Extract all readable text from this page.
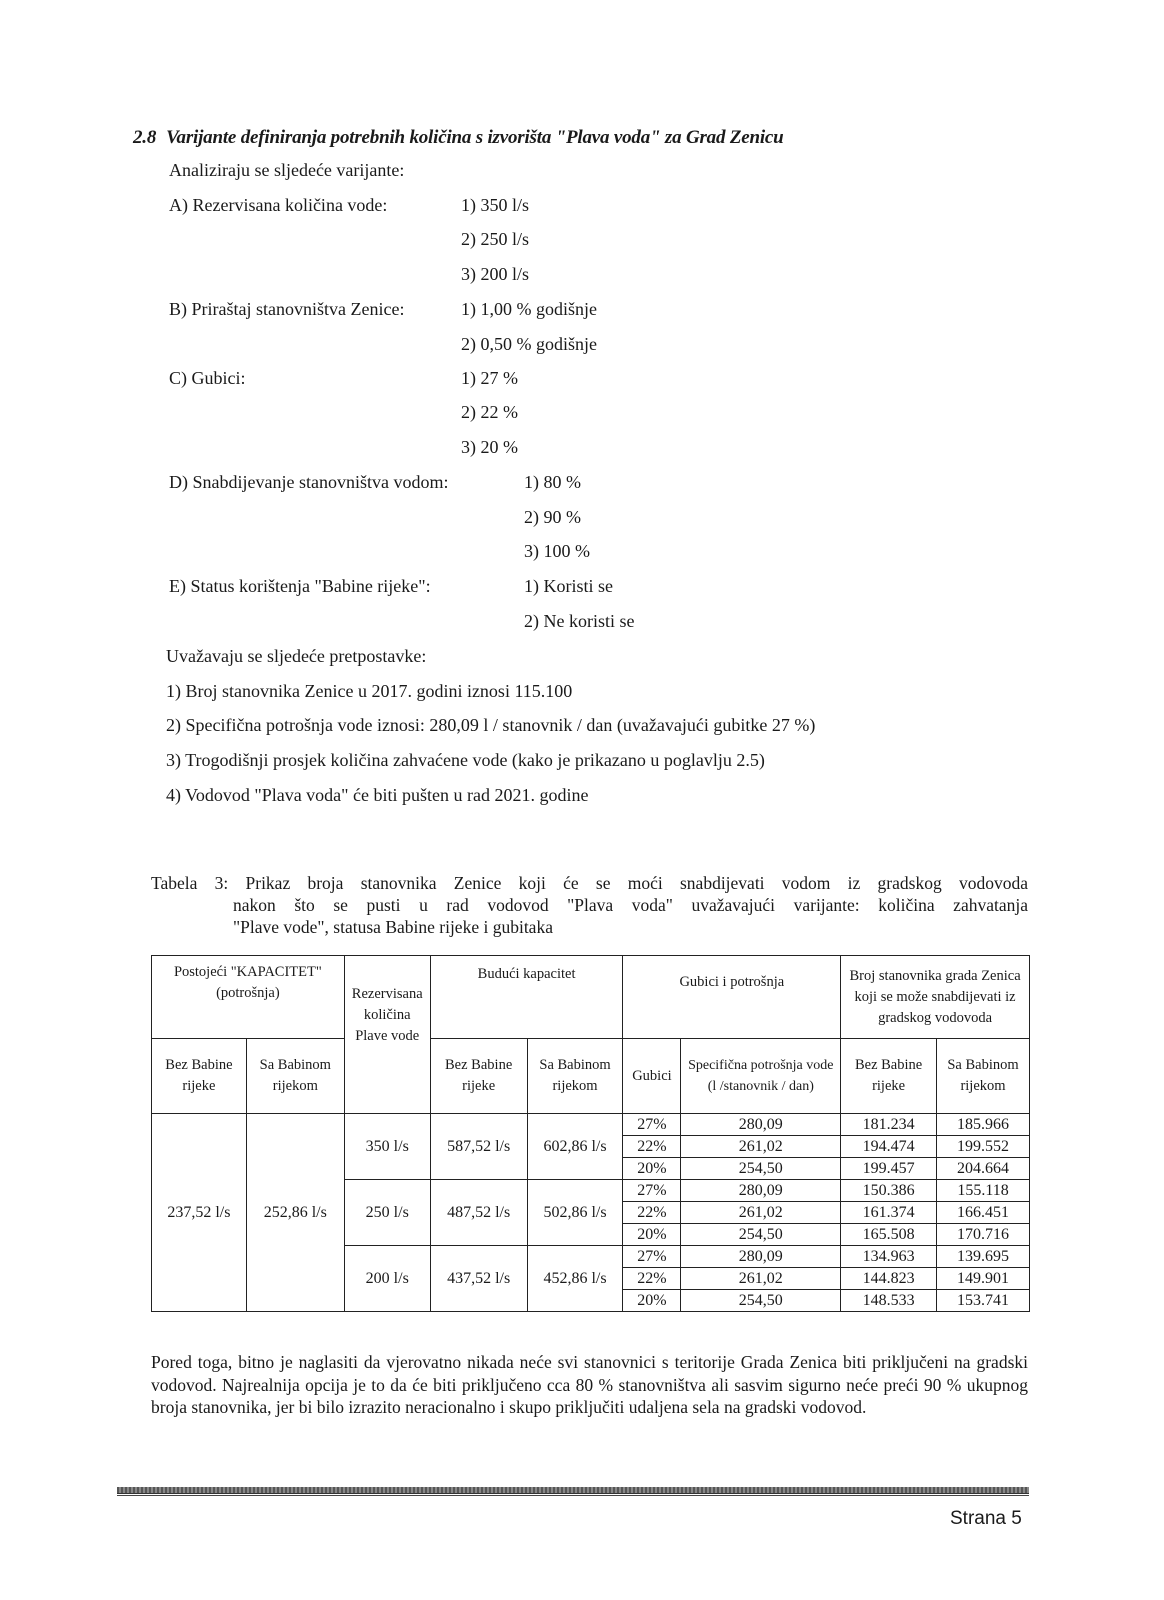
2.8 Varijante definiranja potrebnih količina s izvorišta "Plava voda" za Grad Zenicu
Analiziraju se sljedeće varijante:
A) Rezervisana količina vode:	1) 350 l/s
2) 250 l/s
3) 200 l/s
B) Priraštaj stanovništva Zenice:	1) 1,00 % godišnje
2) 0,50 % godišnje
C) Gubici:	1) 27 %
2) 22 %
3) 20 %
D) Snabdijevanje stanovništva vodom:	1) 80 %
2) 90 %
3) 100 %
E) Status korištenja "Babine rijeke":	1) Koristi se
2) Ne koristi se
Uvažavaju se sljedeće pretpostavke:
1) Broj stanovnika Zenice u 2017. godini iznosi 115.100
2) Specifična potrošnja vode iznosi: 280,09 l / stanovnik / dan (uvažavajući gubitke 27 %)
3) Trogodišnji prosjek količina zahvaćene vode (kako je prikazano u poglavlju 2.5)
4) Vodovod "Plava voda" će biti pušten u rad 2021. godine
Tabela 3: Prikaz broja stanovnika Zenice koji će se moći snabdijevati vodom iz gradskog vodovoda
nakon što se pusti u rad vodovod "Plava voda" uvažavajući varijante: količina zahvatanja
"Plave vode", statusa Babine rijeke i gubitaka
Postojeći "KAPACITET" (potrošnja)		Rezervisana količina Plave vode	Budući kapacitet		Gubici i potrošnja		Broj stanovnika grada Zenica koji se može snabdijevati iz gradskog vodovoda	
Bez Babine rijeke	Sa Babinom rijekom		Bez Babine rijeke	Sa Babinom rijekom	Gubici	Specifična potrošnja vode (l /stanovnik / dan)	Bez Babine rijeke	Sa Babinom rijekom
237,52 l/s	252,86 l/s	350 l/s	587,52 l/s	602,86 l/s	27%	280,09	181.234	185.966
					22%	261,02	194.474	199.552
					20%	254,50	199.457	204.664
		250 l/s	487,52 l/s	502,86 l/s	27%	280,09	150.386	155.118
					22%	261,02	161.374	166.451
					20%	254,50	165.508	170.716
		200 l/s	437,52 l/s	452,86 l/s	27%	280,09	134.963	139.695
					22%	261,02	144.823	149.901
					20%	254,50	148.533	153.741
Pored toga, bitno je naglasiti da vjerovatno nikada neće svi stanovnici s teritorije Grada Zenica biti priključeni na gradski vodovod. Najrealnija opcija je to da će biti priključeno cca 80 % stanovništva ali sasvim sigurno neće preći 90 % ukupnog broja stanovnika, jer bi bilo izrazito neracionalno i skupo priključiti udaljena sela na gradski vodovod.
Strana 5
